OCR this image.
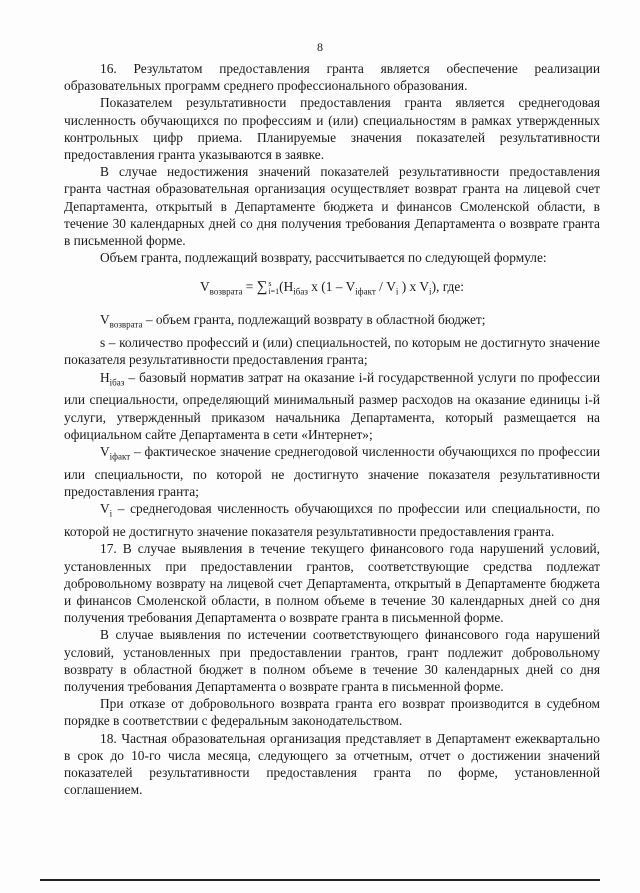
8

16. Результатом предоставления гранта является обеспечение реализации образовательных программ среднего профессионального образования.

Показателем результативности предоставления гранта является среднегодовая численность обучающихся по профессиям и (или) специальностям в рамках утвержденных контрольных цифр приема. Планируемые значения показателей результативности предоставления гранта указываются в заявке.

В случае недостижения значений показателей результативности предоставления гранта частная образовательная организация осуществляет возврат гранта на лицевой счет Департамента, открытый в Департаменте бюджета и финансов Смоленской области, в течение 30 календарных дней со дня получения требования Департамента о возврате гранта в письменной форме.

Объем гранта, подлежащий возврату, рассчитывается по следующей формуле:

$V_{возврата}$ = ∑ s
i=1 ($H_{iбаз}$ x ($1 - V_{iфакт} / V_i$ ) x $V_i$), где:

$V_{возврата}$ – объем гранта, подлежащий возврату в областной бюджет;

s – количество профессий и (или) специальностей, по которым не достигнуто значение показателя результативности предоставления гранта;

$H_{iбаз}$ – базовый норматив затрат на оказание i-й государственной услуги по профессии или специальности, определяющий минимальный размер расходов на оказание единицы i-й услуги, утвержденный приказом начальника Департамента, который размещается на официальном сайте Департамента в сети «Интернет»;

$V_{iфакт}$ – фактическое значение среднегодовой численности обучающихся по профессии или специальности, по которой не достигнуто значение показателя результативности предоставления гранта;

$V_i$ – среднегодовая численность обучающихся по профессии или специальности, по которой не достигнуто значение показателя результативности предоставления гранта.

17. В случае выявления в течение текущего финансового года нарушений условий, установленных при предоставлении грантов, соответствующие средства подлежат добровольному возврату на лицевой счет Департамента, открытый в Департаменте бюджета и финансов Смоленской области, в полном объеме в течение 30 календарных дней со дня получения требования Департамента о возврате гранта в письменной форме.

В случае выявления по истечении соответствующего финансового года нарушений условий, установленных при предоставлении грантов, грант подлежит добровольному возврату в областной бюджет в полном объеме в течение 30 календарных дней со дня получения требования Департамента о возврате гранта в письменной форме.

При отказе от добровольного возврата гранта его возврат производится в судебном порядке в соответствии с федеральным законодательством.

18. Частная образовательная организация представляет в Департамент ежеквартально в срок до 10-го числа месяца, следующего за отчетным, отчет о достижении значений показателей результативности предоставления гранта по форме, установленной соглашением.
